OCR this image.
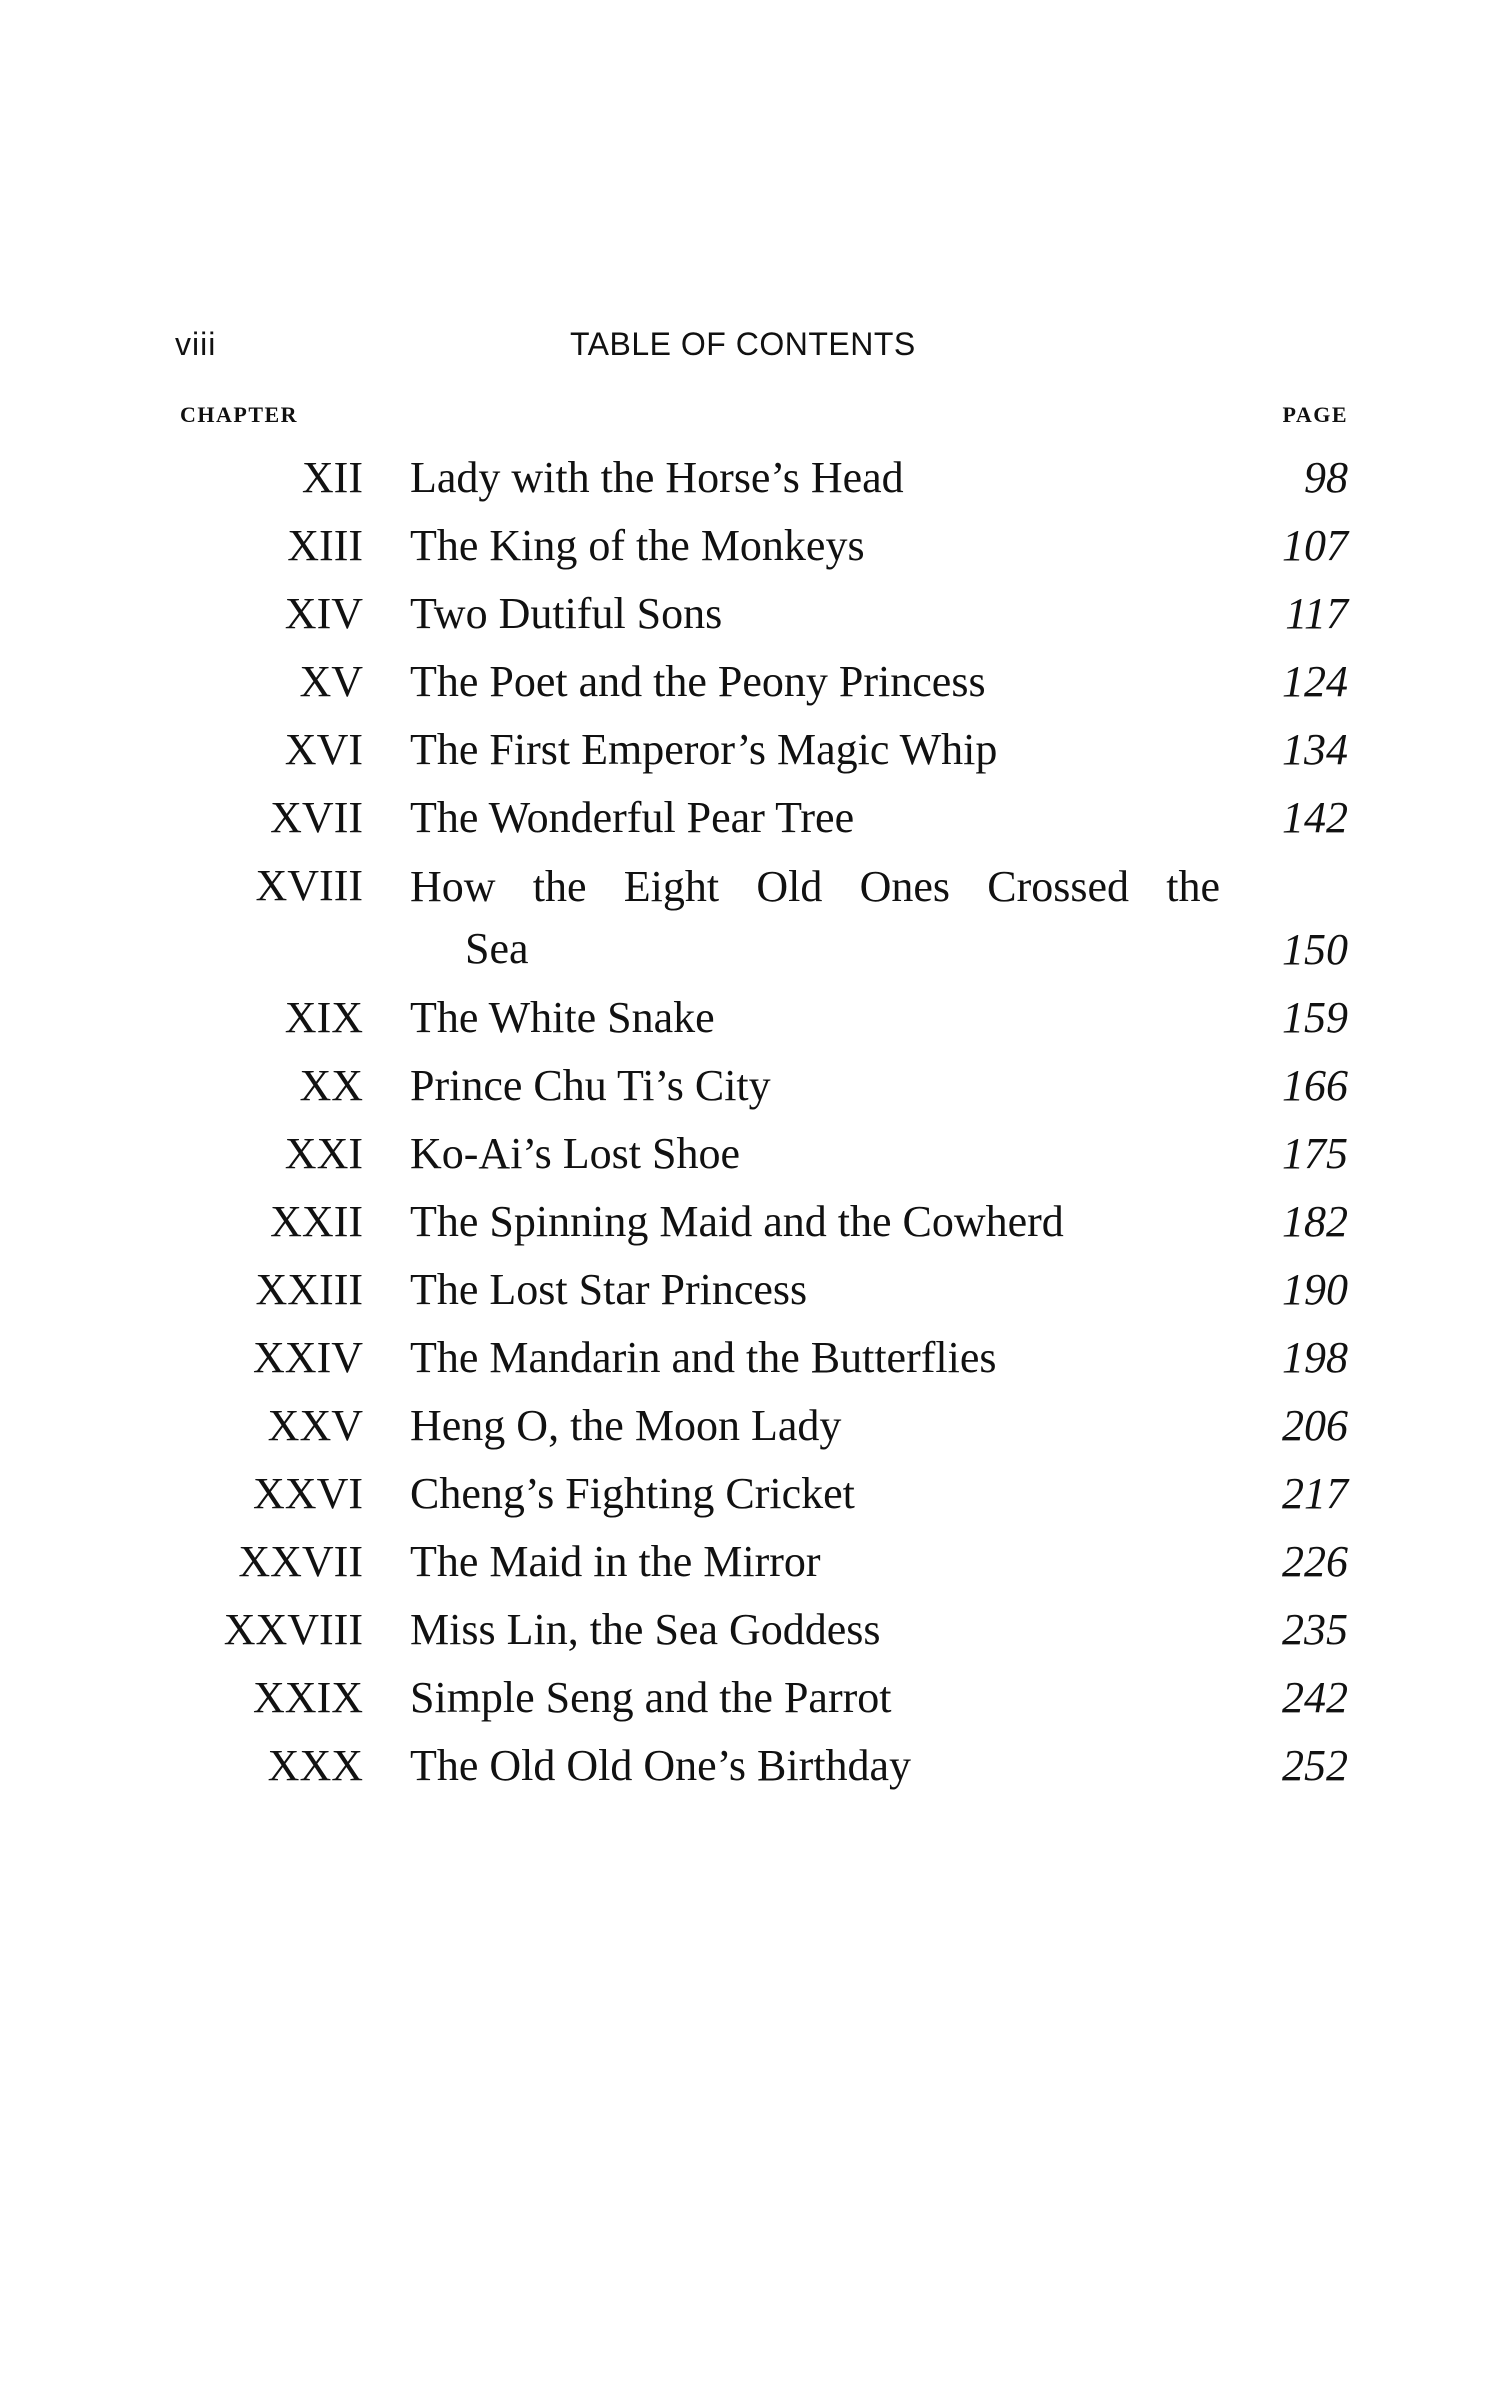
viii	TABLE OF CONTENTS
CHAPTER	PAGE
XII Lady with the Horse’s Head	98
XIII The King of the Monkeys	107
XIV Two Dutiful Sons	117
XV The Poet and the Peony Princess	124
XVI The First Emperor’s Magic Whip	134
XVII The Wonderful Pear Tree	142
XVIII How the Eight Old Ones Crossed the
Sea	150
XIX The White Snake	159
XX Prince Chu Ti’s City	166
XXI Ko-Ai’s Lost Shoe	175
XXII The Spinning Maid and the Cowherd	182
XXIII The Lost Star Princess	190
XXIV The Mandarin and the Butterflies	198
XXV Heng O, the Moon Lady	206
XXVI Cheng’s Fighting Cricket	217
XXVII The Maid in the Mirror	226
XXVIII Miss Lin, the Sea Goddess	235
XXIX Simple Seng and the Parrot	242
XXX The Old Old One’s Birthday	252
